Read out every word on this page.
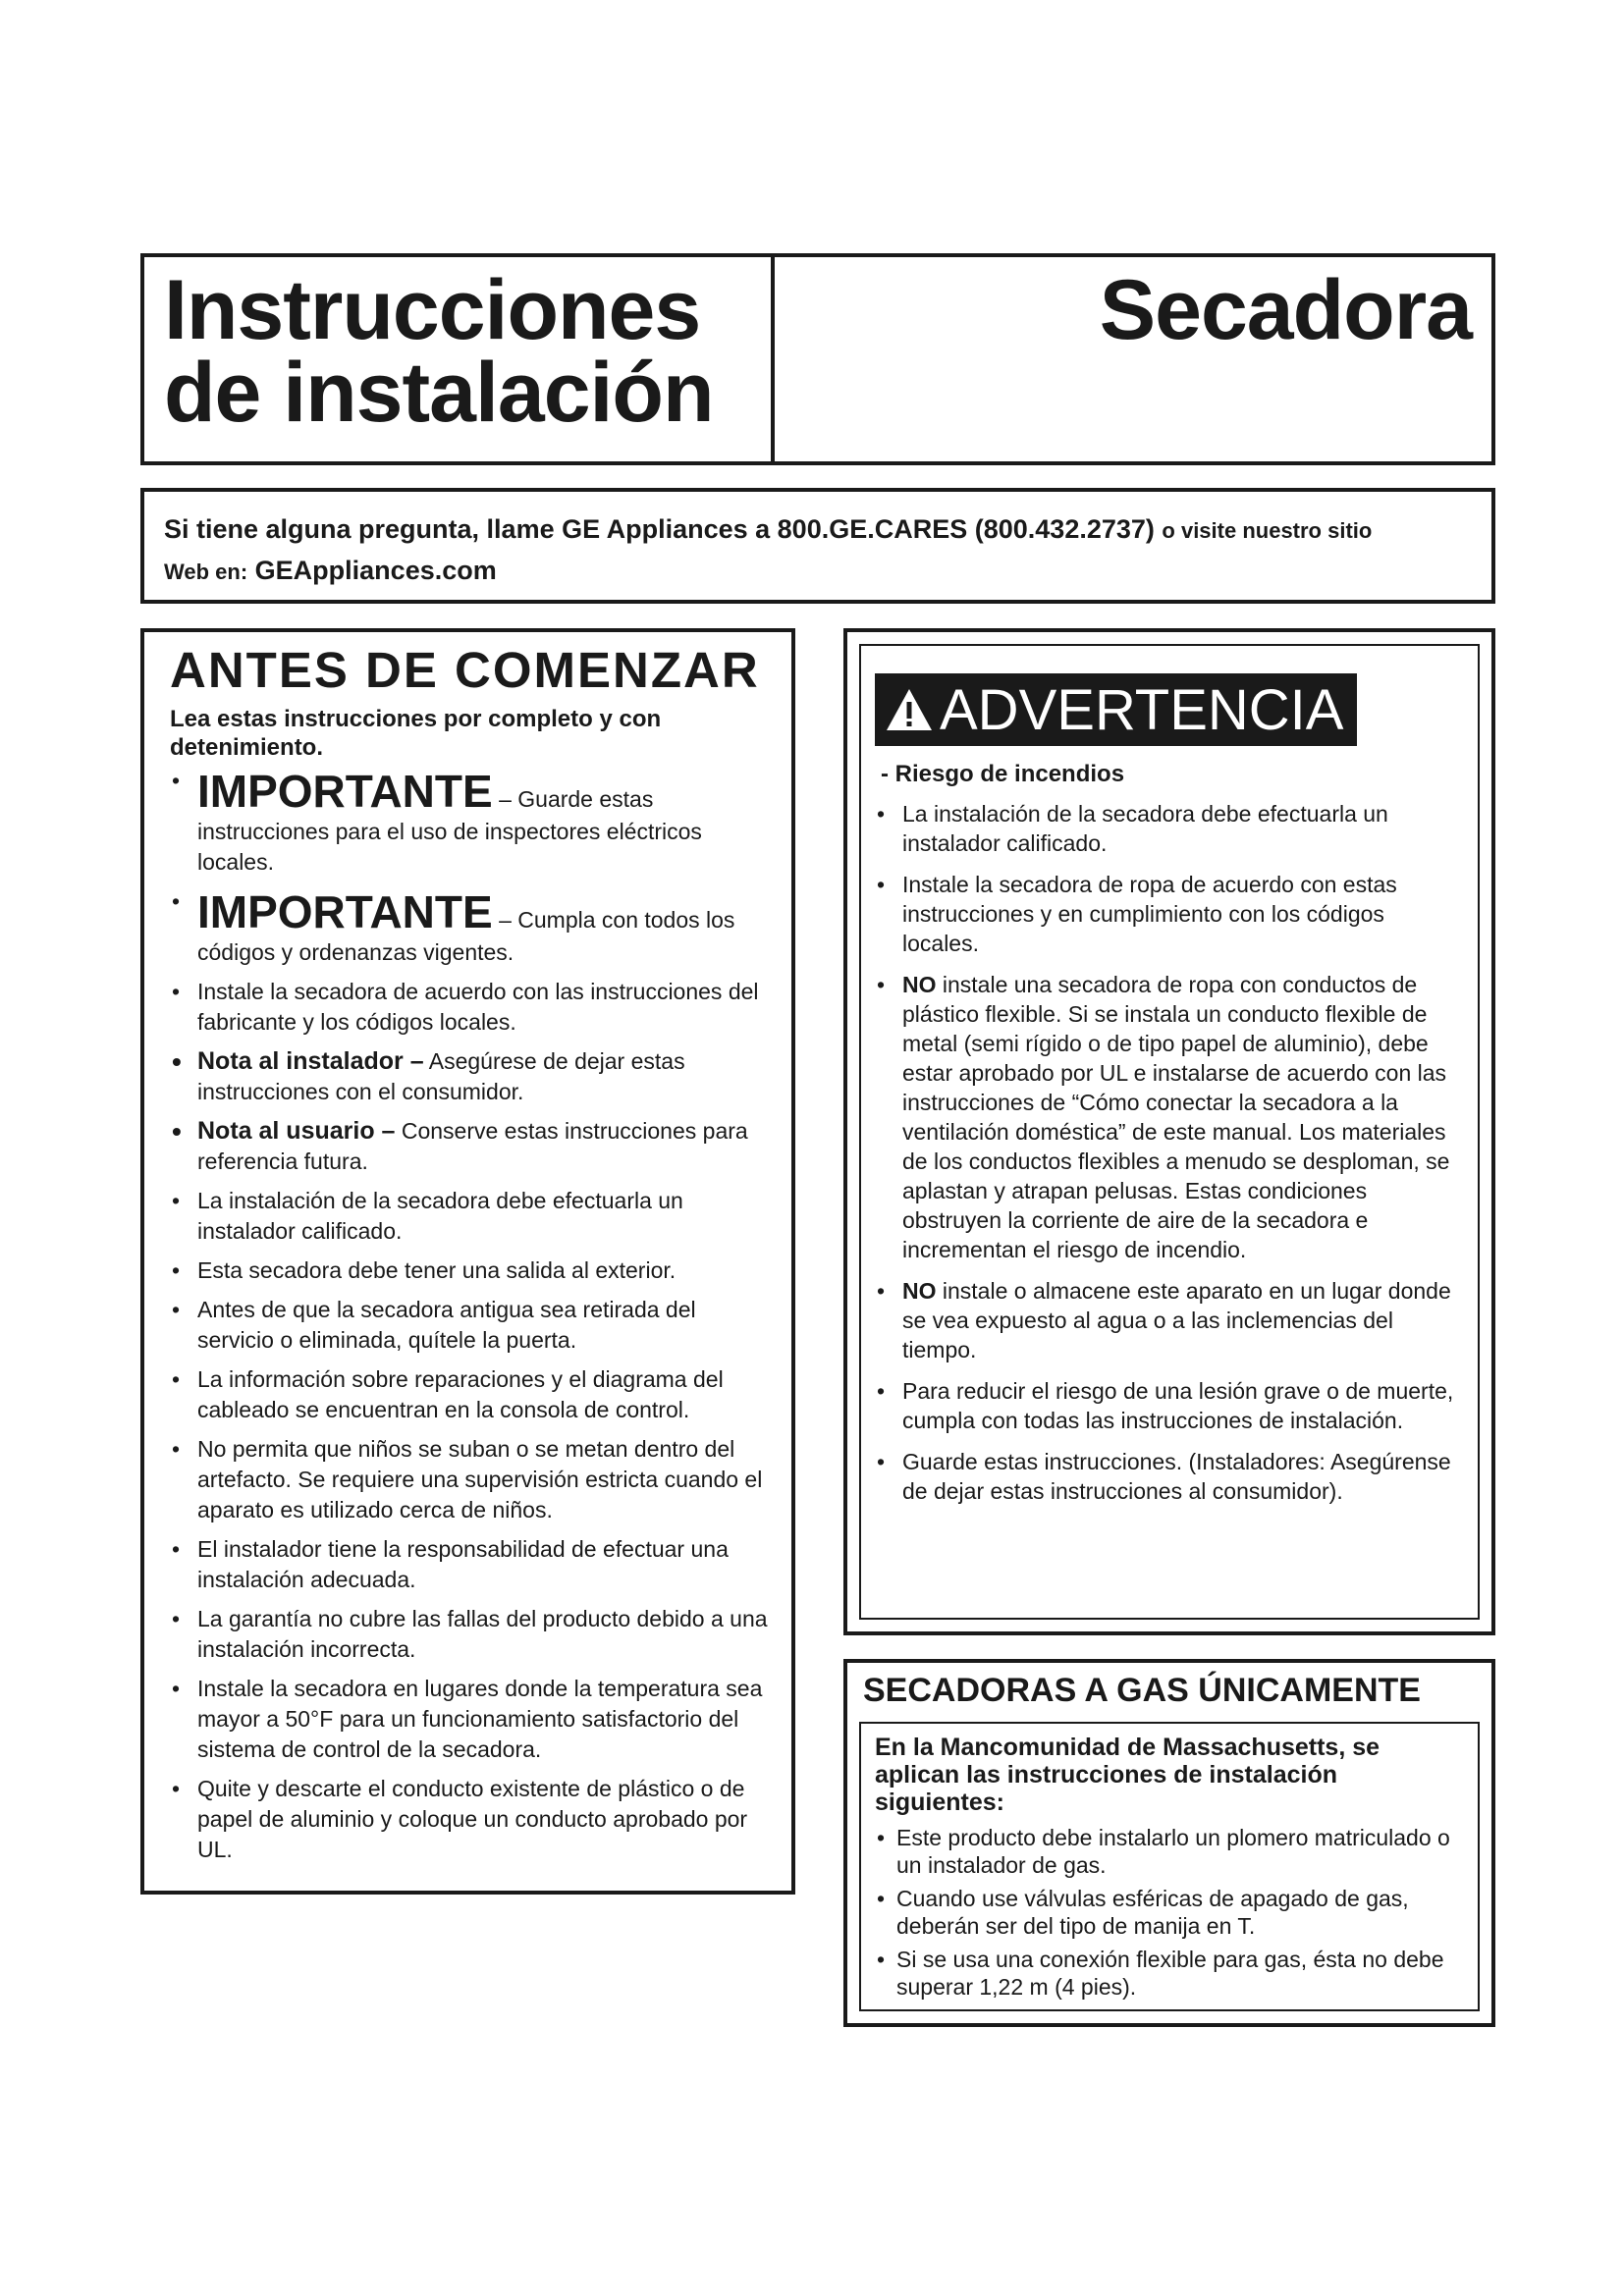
Instrucciones
de instalación
Secadora

Si tiene alguna pregunta, llame GE Appliances a 800.GE.CARES (800.432.2737) o visite nuestro sitio

Web en: GEAppliances.com

ANTES DE COMENZAR

Lea estas instrucciones por completo y con detenimiento.

• IMPORTANTE – Guarde estas instrucciones para el uso de inspectores eléctricos locales.
• IMPORTANTE – Cumpla con todos los códigos y ordenanzas vigentes.
• Instale la secadora de acuerdo con las instrucciones del fabricante y los códigos locales.
• Nota al instalador – Asegúrese de dejar estas instrucciones con el consumidor.
• Nota al usuario – Conserve estas instrucciones para referencia futura.
• La instalación de la secadora debe efectuarla un instalador calificado.
• Esta secadora debe tener una salida al exterior.
• Antes de que la secadora antigua sea retirada del servicio o eliminada, quítele la puerta.
• La información sobre reparaciones y el diagrama del cableado se encuentran en la consola de control.
• No permita que niños se suban o se metan dentro del artefacto. Se requiere una supervisión estricta cuando el aparato es utilizado cerca de niños.
• El instalador tiene la responsabilidad de efectuar una instalación adecuada.
• La garantía no cubre las fallas del producto debido a una instalación incorrecta.
• Instale la secadora en lugares donde la temperatura sea mayor a 50°F para un funcionamiento satisfactorio del sistema de control de la secadora.
• Quite y descarte el conducto existente de plástico o de papel de aluminio y coloque un conducto aprobado por UL.
ADVERTENCIA

- Riesgo de incendios

• La instalación de la secadora debe efectuarla un instalador calificado.
• Instale la secadora de ropa de acuerdo con estas instrucciones y en cumplimiento con los códigos locales.
• NO instale una secadora de ropa con conductos de plástico flexible. Si se instala un conducto flexible de metal (semi rígido o de tipo papel de aluminio), debe estar aprobado por UL e instalarse de acuerdo con las instrucciones de “Cómo conectar la secadora a la ventilación doméstica” de este manual. Los materiales de los conductos flexibles a menudo se desploman, se aplastan y atrapan pelusas. Estas condiciones obstruyen la corriente de aire de la secadora e incrementan el riesgo de incendio.
• NO instale o almacene este aparato en un lugar donde se vea expuesto al agua o a las inclemencias del tiempo.
• Para reducir el riesgo de una lesión grave o de muerte, cumpla con todas las instrucciones de instalación.
• Guarde estas instrucciones. (Instaladores: Asegúrense de dejar estas instrucciones al consumidor).
SECADORAS A GAS ÚNICAMENTE

En la Mancomunidad de Massachusetts, se aplican las instrucciones de instalación siguientes:

• Este producto debe instalarlo un plomero matriculado o un instalador de gas.
• Cuando use válvulas esféricas de apagado de gas, deberán ser del tipo de manija en T.
• Si se usa una conexión flexible para gas, ésta no debe superar 1,22 m (4 pies).
